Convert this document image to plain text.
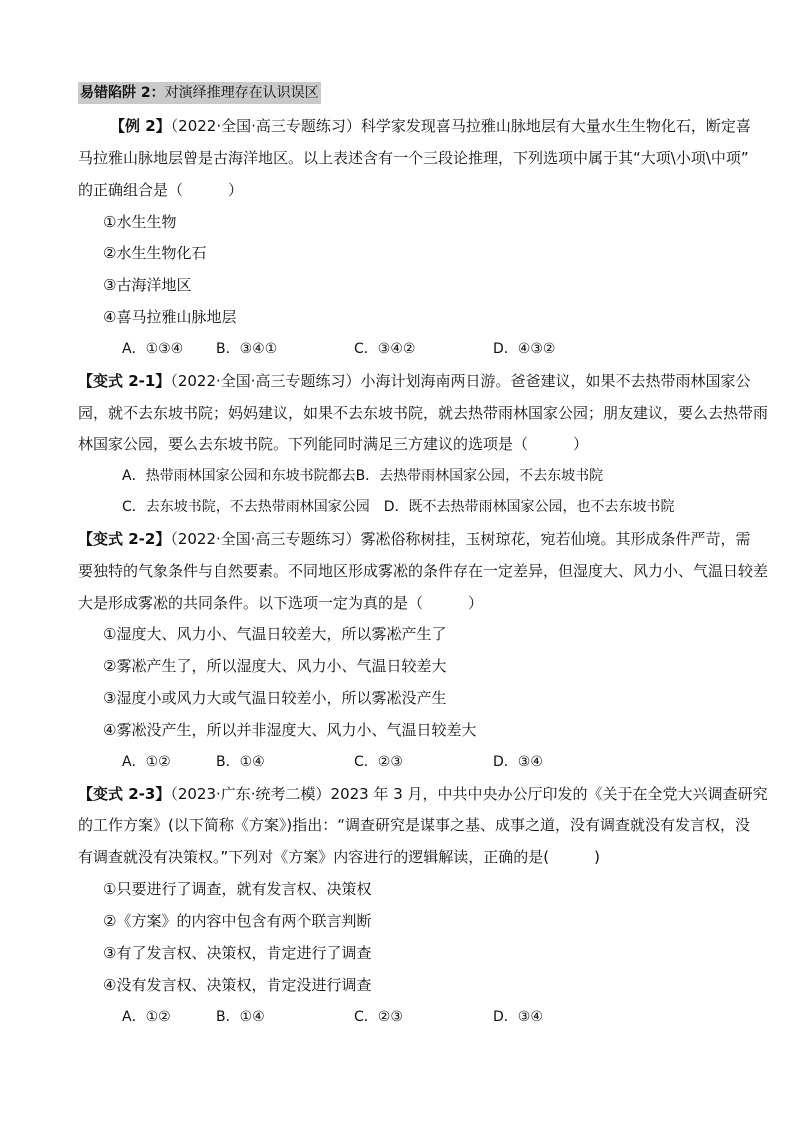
易错陷阱 2：对演绎推理存在认识误区
【例 2】（2022·全国·高三专题练习）科学家发现喜马拉雅山脉地层有大量水生生物化石，断定喜
马拉雅山脉地层曾是古海洋地区。以上表述含有一个三段论推理，下列选项中属于其“大项\小项\中项”
的正确组合是（　　　）
①水生生物
②水生生物化石
③古海洋地区
④喜马拉雅山脉地层
A．①③④ B．③④①	C．③④②	D．④③②
【变式 2-1】（2022·全国·高三专题练习）小海计划海南两日游。爸爸建议，如果不去热带雨林国家公
园，就不去东坡书院；妈妈建议，如果不去东坡书院，就去热带雨林国家公园；朋友建议，要么去热带雨
林国家公园，要么去东坡书院。下列能同时满足三方建议的选项是（　　　）
A．热带雨林国家公园和东坡书院都去B．去热带雨林国家公园，不去东坡书院
C．去东坡书院，不去热带雨林国家公园　D．既不去热带雨林国家公园，也不去东坡书院
【变式 2-2】（2022·全国·高三专题练习）雾凇俗称树挂，玉树琼花，宛若仙境。其形成条件严苛，需
要独特的气象条件与自然要素。不同地区形成雾凇的条件存在一定差异，但湿度大、风力小、气温日较差
大是形成雾凇的共同条件。以下选项一定为真的是（　　　）
①湿度大、风力小、气温日较差大，所以雾凇产生了
②雾凇产生了，所以湿度大、风力小、气温日较差大
③湿度小或风力大或气温日较差小，所以雾凇没产生
④雾凇没产生，所以并非湿度大、风力小、气温日较差大
A．①②	B．①④	C．②③	D．③④
【变式 2-3】（2023·广东·统考二模）2023 年 3 月，中共中央办公厅印发的《关于在全党大兴调查研究
的工作方案》(以下简称《方案》)指出：“调查研究是谋事之基、成事之道，没有调查就没有发言权，没
有调查就没有决策权。”下列对《方案》内容进行的逻辑解读，正确的是(　　　)
①只要进行了调查，就有发言权、决策权
②《方案》的内容中包含有两个联言判断
③有了发言权、决策权，肯定进行了调查
④没有发言权、决策权，肯定没进行调查
A．①②	B．①④	C．②③	D．③④
